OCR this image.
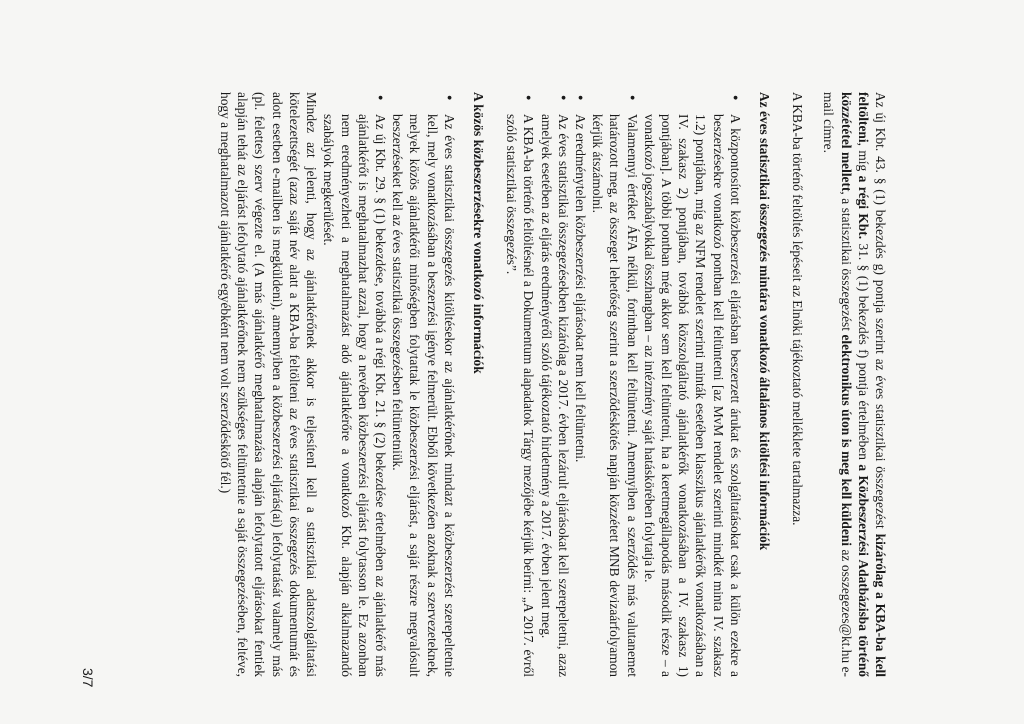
Az új Kbt. 43. § (1) bekezdés g) pontja szerint az éves statisztikai összegezést kizárólag a KBA-ba kell feltölteni, míg a régi Kbt. 31. § (1) bekezdés f) pontja értelmében a Közbeszerzési Adatbázisba történő közzététel mellett, a statisztikai összegezést elektronikus úton is meg kell küldeni az osszegezes@kt.hu e-mail címre.

A KBA-ba történő feltöltés lépéseit az Elnöki tájékoztató melléklete tartalmazza.

Az éves statisztikai összegezés mintára vonatkozó általános kitöltési információk

● A központosított közbeszerzési eljárásban beszerzett árukat és szolgáltatásokat csak a külön ezekre a beszerzésekre vonatkozó pontban kell feltüntetni [az MvM rendelet szerinti mindkét minta IV. szakasz 1.2) pontjában, míg az NFM rendelet szerinti minták esetében klasszikus ajánlatkérők vonatkozásában a IV. szakasz 2) pontjában, továbbá közszolgáltató ajánlatkérők vonatkozásában a IV. szakasz 1) pontjában]. A többi pontban még akkor sem kell feltüntetni, ha a keretmegállapodás második része – a vonatkozó jogszabályokkal összhangban – az intézmény saját hatáskörében folytatja le.
● Valamennyi értéket ÁFA nélkül, forintban kell feltüntetni. Amennyiben a szerződés más valutanemet határozott meg, az összeget lehetőség szerint a szerződéskötés napján közzétett MNB devizaárfolyamon kérjük átszámolni.
● Az eredménytelen közbeszerzési eljárásokat nem kell feltüntetni.
● Az éves statisztikai összegezésekben kizárólag a 2017. évben lezárult eljárásokat kell szerepeltetni, azaz amelyek esetében az eljárás eredményéről szóló tájékoztató hirdetmény a 2017. évben jelent meg.
● A KBA-ba történő feltöltésnél a Dokumentum alapadatok Tárgy mezőjébe kérjük beírni: „A 2017. évről szóló statisztikai összegezés”.

A közös közbeszerzésekre vonatkozó információk

● Az éves statisztikai összegezés kitöltésekor az ajánlatkérőnek mindazt a közbeszerzést szerepeltetnie kell, mely vonatkozásában a beszerzési igénye felmerült. Ebből következően azoknak a szervezeteknek, melyek közös ajánlatkérői minőségben folytattak le közbeszerzési eljárást, a saját részre megvalósult beszerzéseket kell az éves statisztikai összegezésben feltüntetniük.
● Az új Kbt. 29. § (1) bekezdése, továbbá a régi Kbt. 21. § (2) bekezdése értelmében az ajánlatkérő más ajánlatkérőt is meghatalmazhat azzal, hogy a nevében közbeszerzési eljárást folytasson le. Ez azonban nem eredményezheti a meghatalmazást adó ajánlatkérőre a vonatkozó Kbt. alapján alkalmazandó szabályok megkerülését.

Mindez azt jelenti, hogy az ajánlatkérőnek akkor is teljesítenI kell a statisztikai adatszolgáltatási kötelezettségét (azaz saját név alatt a KBA-ba feltölteni az éves statisztikai összegezés dokumentumát és adott esetben e-mailben is megküldeni), amennyiben a közbeszerzési eljárás(ai) lefolytatását valamely más (pl. felettes) szerv végezte el. (A más ajánlatkérő meghatalmazása alapján lefolytatott eljárásokat fentiek alapján tehát az eljárást lefolytató ajánlatkérőnek nem szükséges feltüntetnie a saját összegezésében, feltéve, hogy a meghatalmazott ajánlatkérő egyébként nem volt szerződéskötő fél.)

3/7
